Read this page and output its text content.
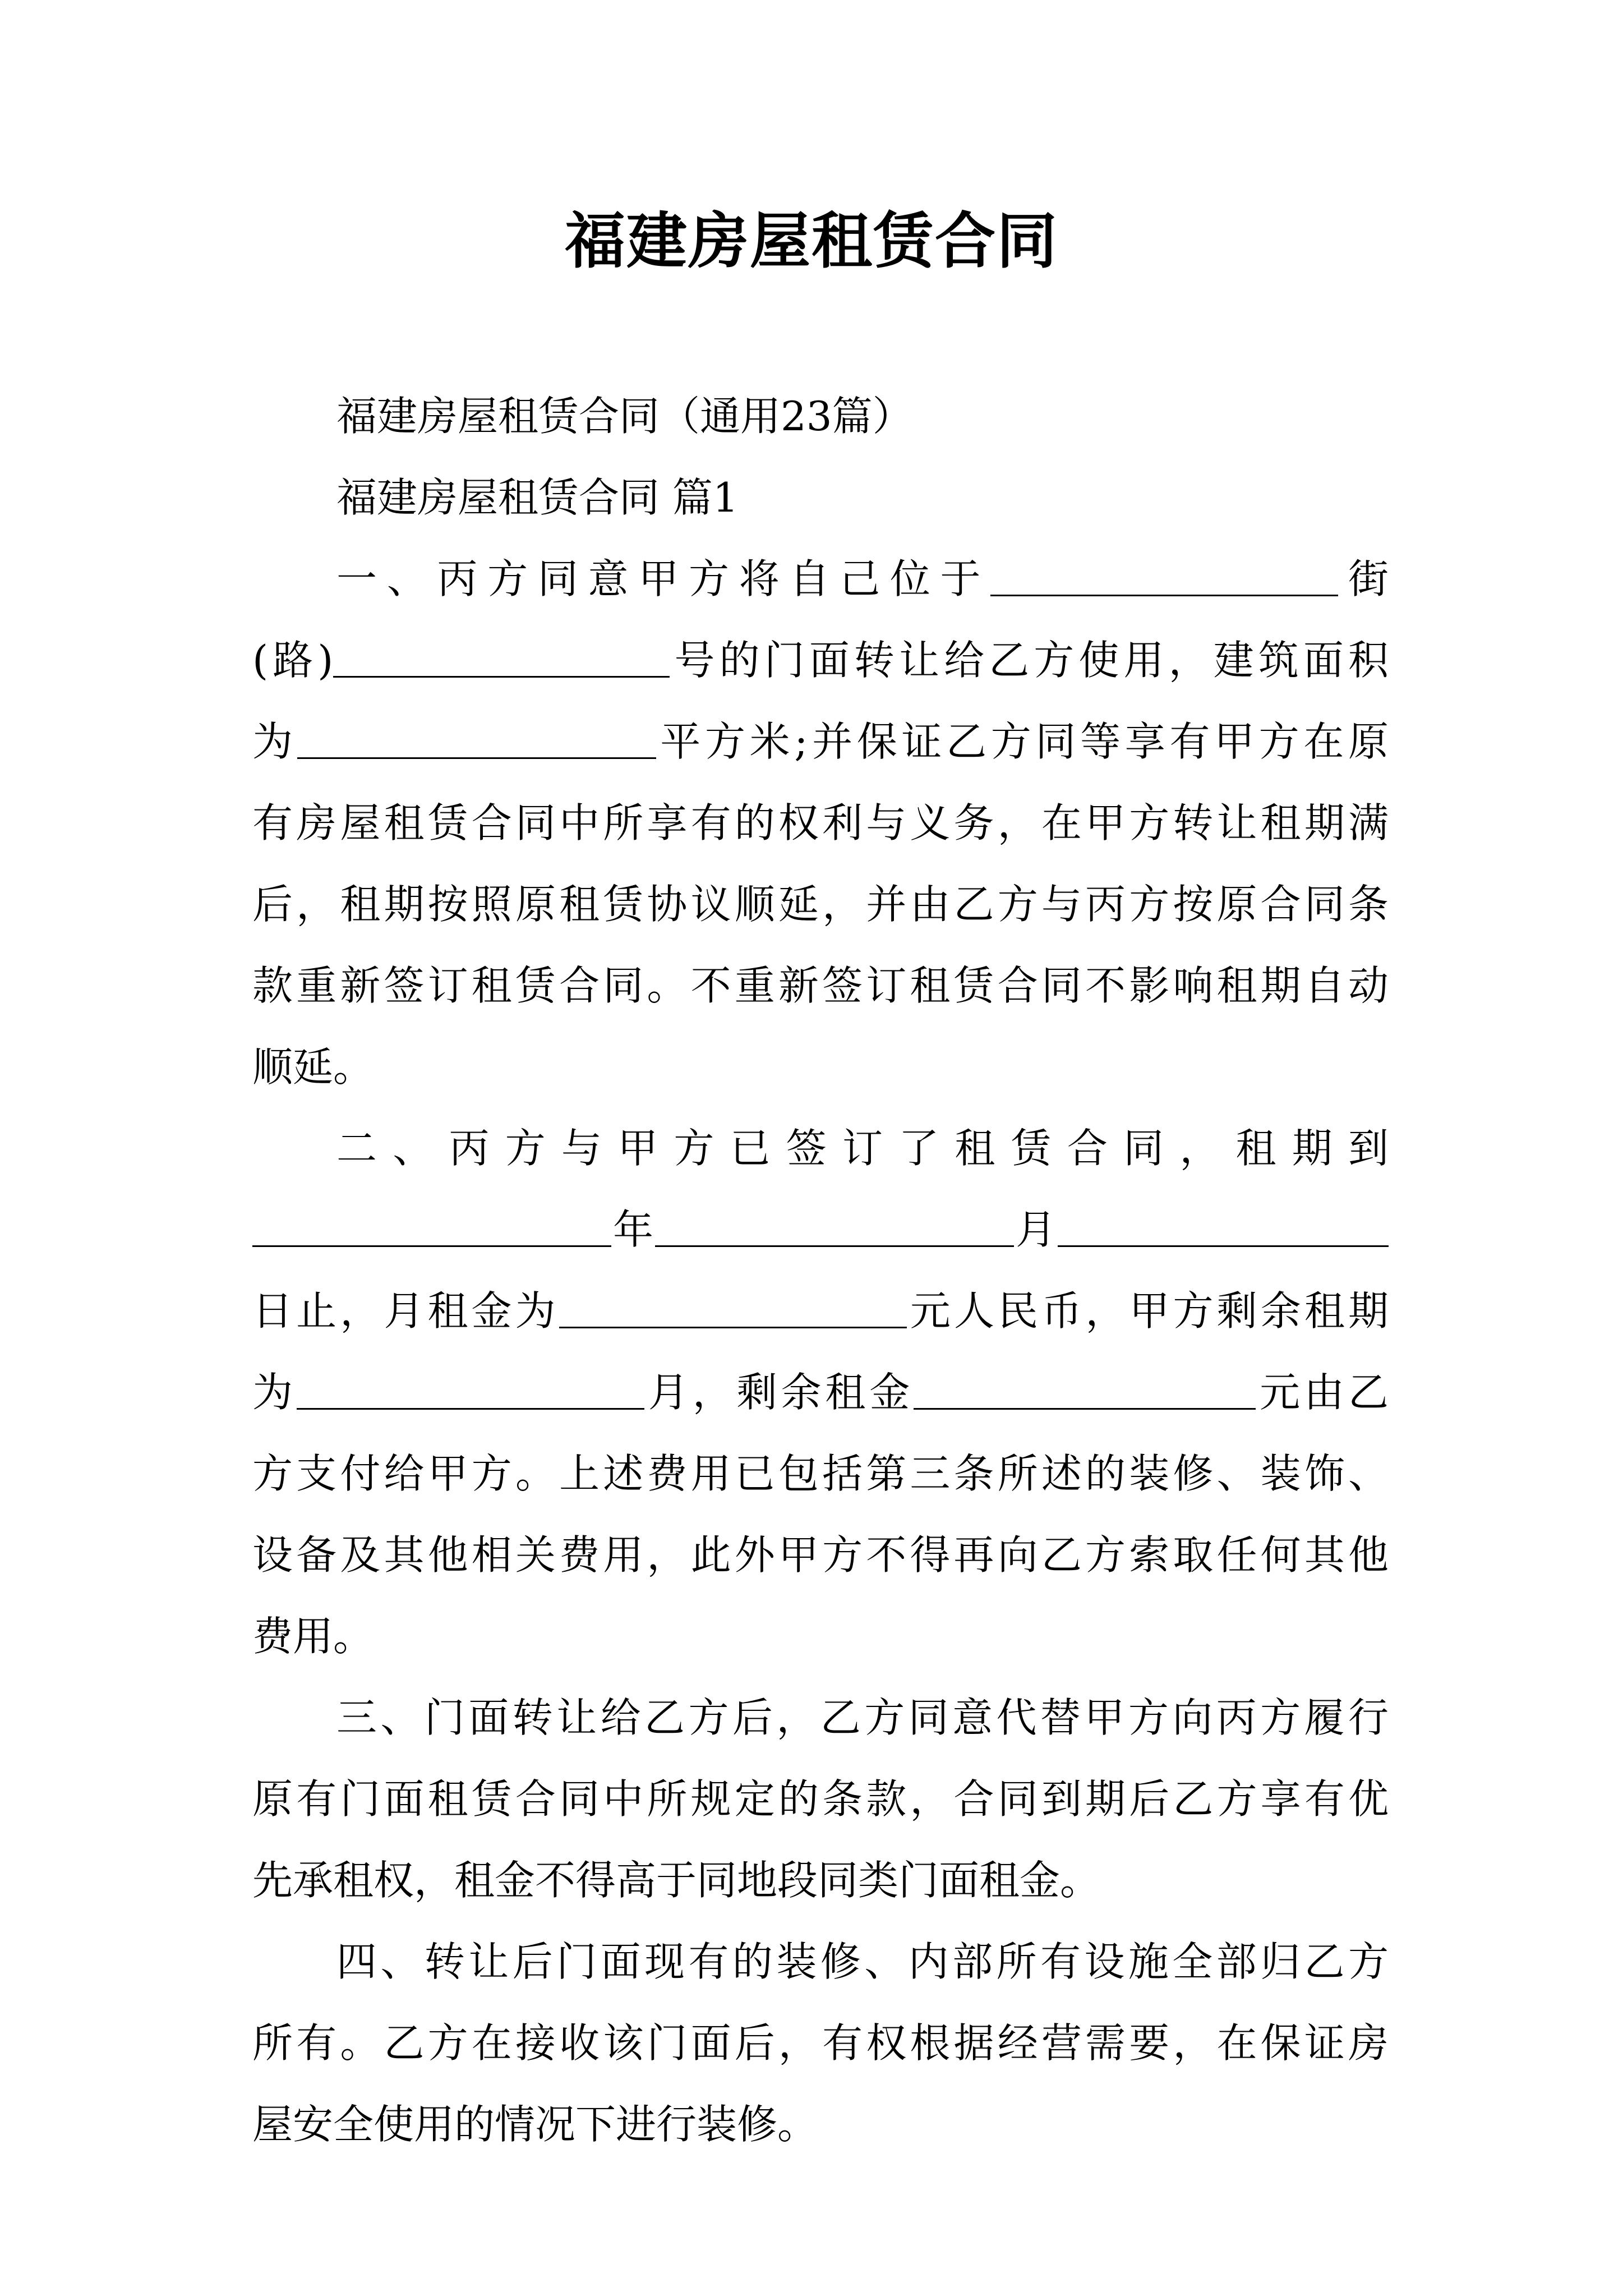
福建房屋租赁合同
福建房屋租赁合同（通用23篇）
福建房屋租赁合同 篇1
一、丙方同意甲方将自己位于	街
(路)	号的门面转让给乙方使用，建筑面积
为	平方米;并保证乙方同等享有甲方在原
有房屋租赁合同中所享有的权利与义务，在甲方转让租期满
后，租期按照原租赁协议顺延，并由乙方与丙方按原合同条
款重新签订租赁合同。不重新签订租赁合同不影响租期自动
顺延。
二、丙方与甲方已签订了租赁合同，租期到
年	月
日止，月租金为	元人民币，甲方剩余租期
为	月，剩余租金	元由乙
方支付给甲方。上述费用已包括第三条所述的装修、装饰、
设备及其他相关费用，此外甲方不得再向乙方索取任何其他
费用。
三、门面转让给乙方后，乙方同意代替甲方向丙方履行
原有门面租赁合同中所规定的条款，合同到期后乙方享有优
先承租权，租金不得高于同地段同类门面租金。
四、转让后门面现有的装修、内部所有设施全部归乙方
所有。乙方在接收该门面后，有权根据经营需要，在保证房
屋安全使用的情况下进行装修。
